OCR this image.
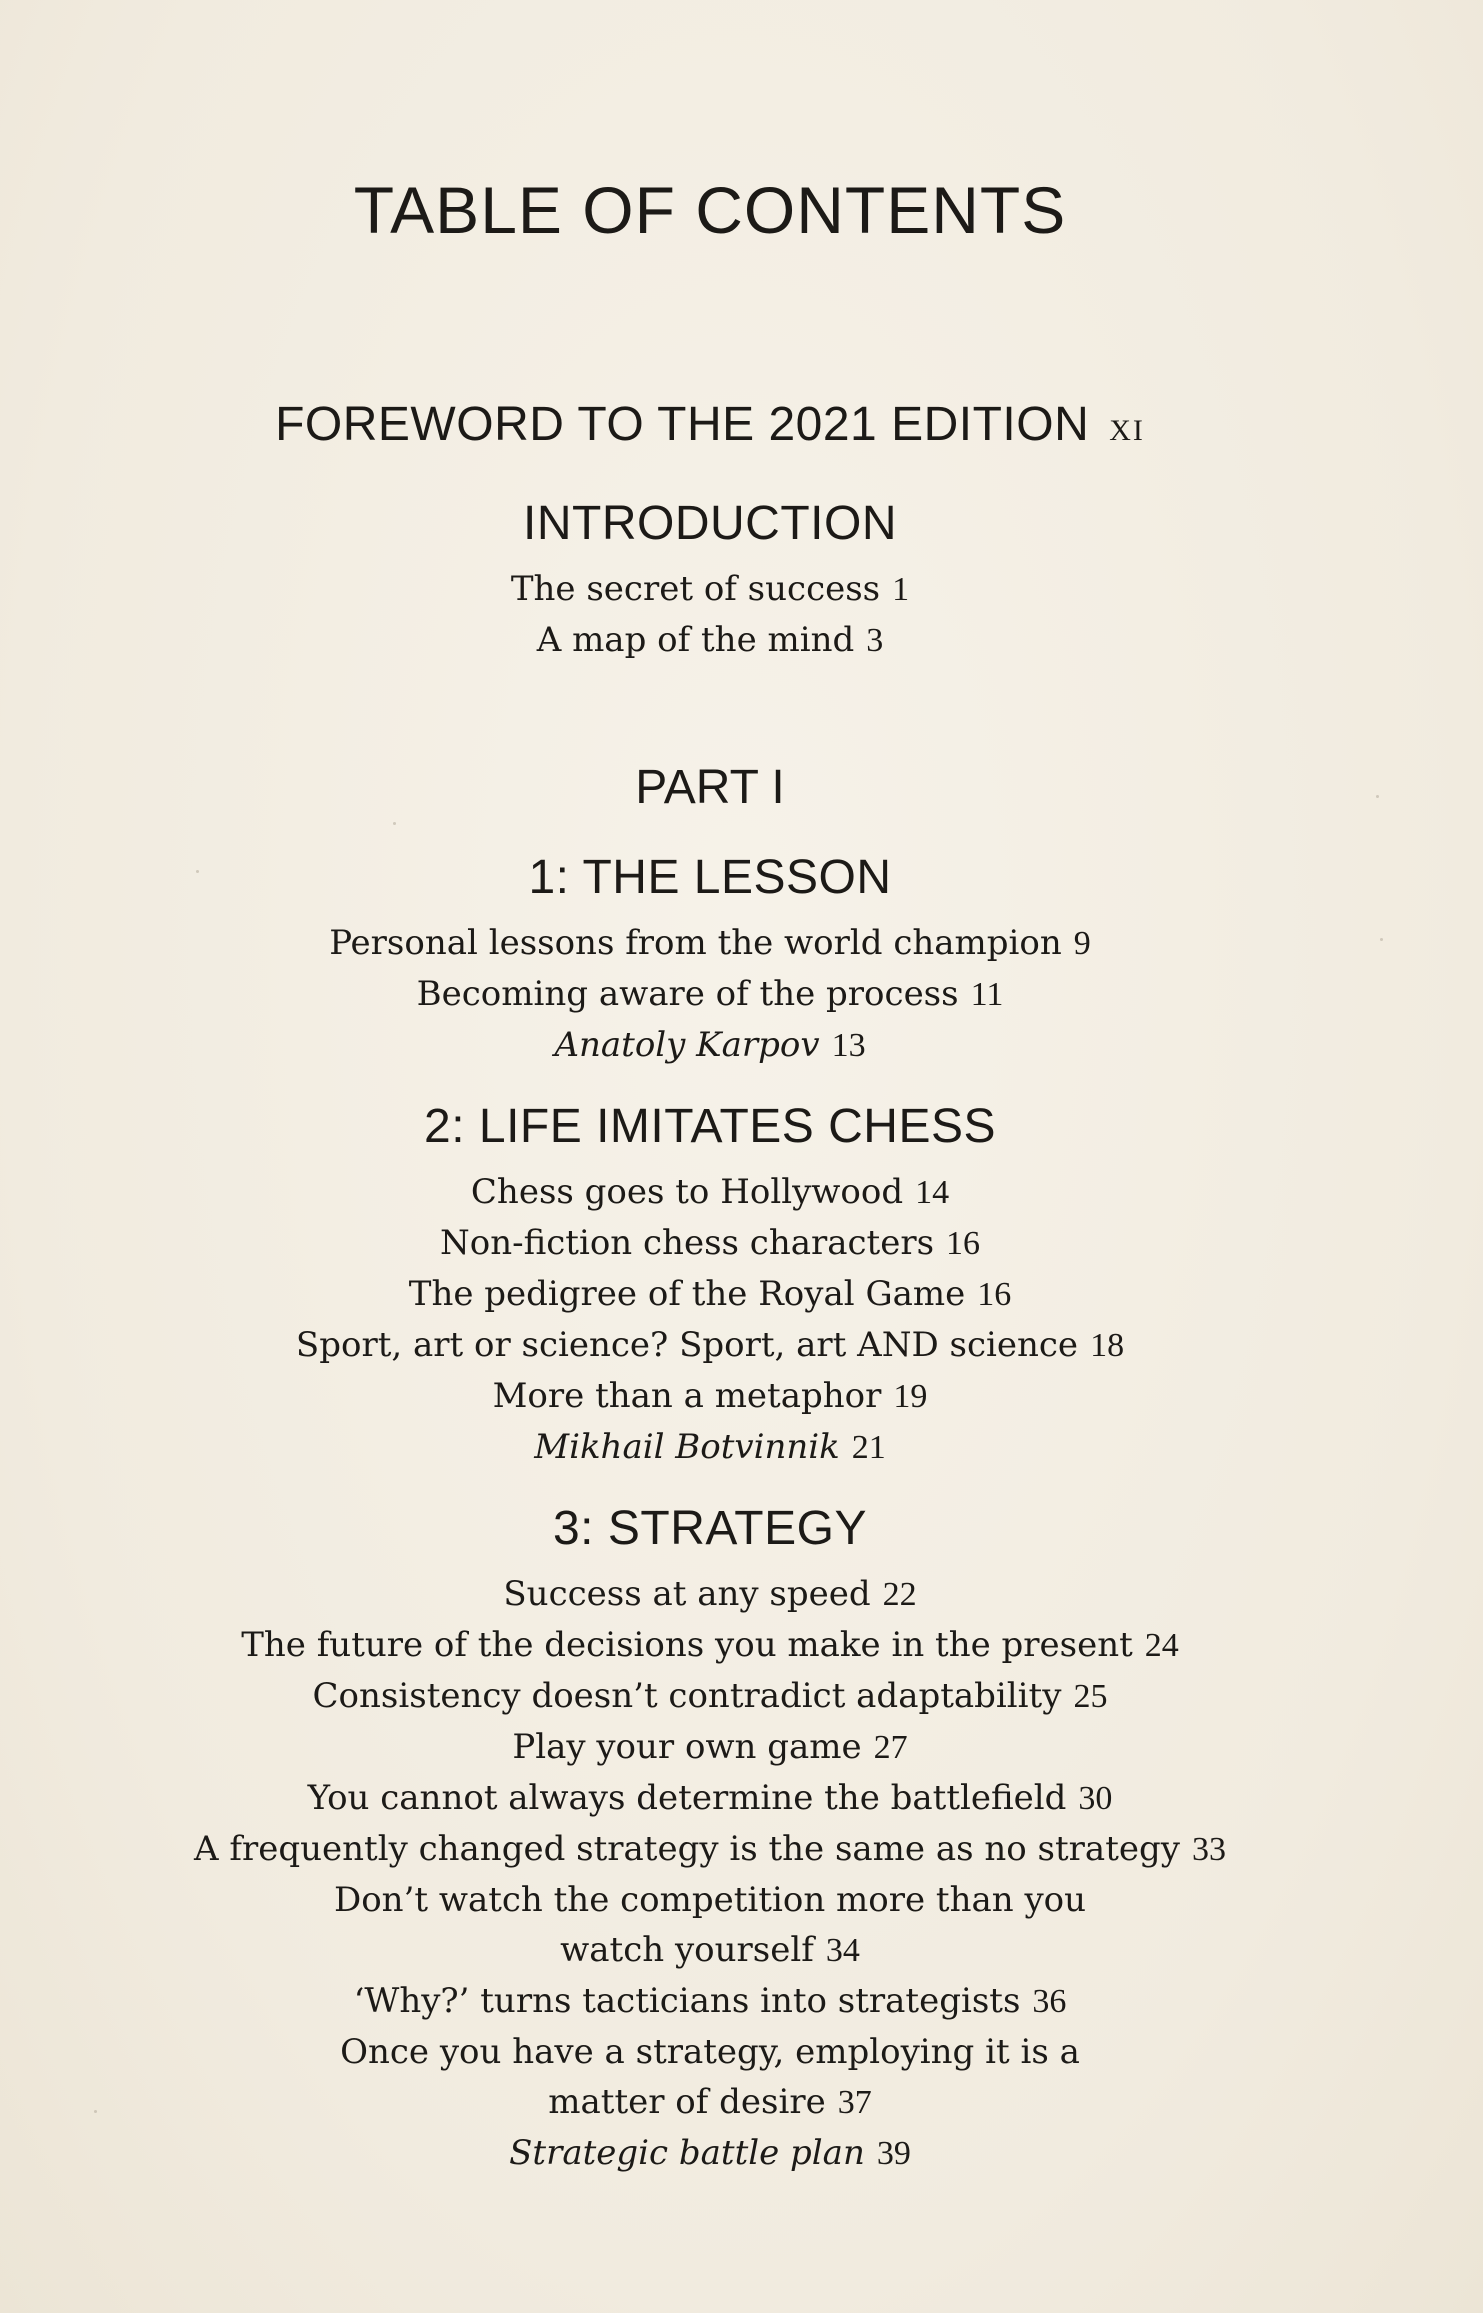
TABLE OF CONTENTS
FOREWORD TO THE 2021 EDITION XI
INTRODUCTION
The secret of success 1
A map of the mind 3
PART I
1: THE LESSON
Personal lessons from the world champion 9
Becoming aware of the process 11
Anatoly Karpov 13
2: LIFE IMITATES CHESS
Chess goes to Hollywood 14
Non-fiction chess characters 16
The pedigree of the Royal Game 16
Sport, art or science? Sport, art AND science 18
More than a metaphor 19
Mikhail Botvinnik 21
3: STRATEGY
Success at any speed 22
The future of the decisions you make in the present 24
Consistency doesn’t contradict adaptability 25
Play your own game 27
You cannot always determine the battlefield 30
A frequently changed strategy is the same as no strategy 33
Don’t watch the competition more than you
watch yourself 34
‘Why?’ turns tacticians into strategists 36
Once you have a strategy, employing it is a
matter of desire 37
Strategic battle plan 39
